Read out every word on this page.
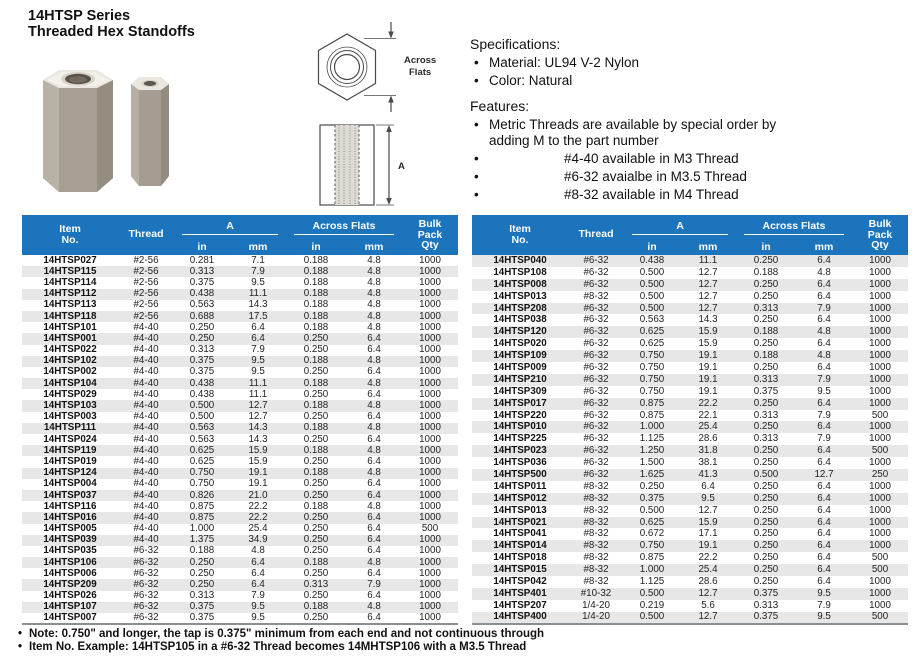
14HTSP Series
Threaded Hex Standoffs
Across
Flats
A
Specifications:
• Material: UL94 V-2 Nylon
• Color: Natural
Features:
• Metric Threads are available by special order by adding M to the part number
• #4-40 available in M3 Thread
• #6-32 avaialbe in M3.5 Thread
• #8-32 available in M4 Thread
Item
No.
	Thread	
A	Across Flats	Bulk
Pack
Qty

		in	mm	in	mm	
14HTSP027	#2-56	0.281	7.1	0.188	4.8	1000
14HTSP115	#2-56	0.313	7.9	0.188	4.8	1000
14HTSP114	#2-56	0.375	9.5	0.188	4.8	1000
14HTSP112	#2-56	0.438	11.1	0.188	4.8	1000
14HTSP113	#2-56	0.563	14.3	0.188	4.8	1000
14HTSP118	#2-56	0.688	17.5	0.188	4.8	1000
14HTSP101	#4-40	0.250	6.4	0.188	4.8	1000
14HTSP001	#4-40	0.250	6.4	0.250	6.4	1000
14HTSP022	#4-40	0.313	7.9	0.250	6.4	1000
14HTSP102	#4-40	0.375	9.5	0.188	4.8	1000
14HTSP002	#4-40	0.375	9.5	0.250	6.4	1000
14HTSP104	#4-40	0.438	11.1	0.188	4.8	1000
14HTSP029	#4-40	0.438	11.1	0.250	6.4	1000
14HTSP103	#4-40	0.500	12.7	0.188	4.8	1000
14HTSP003	#4-40	0.500	12.7	0.250	6.4	1000
14HTSP111	#4-40	0.563	14.3	0.188	4.8	1000
14HTSP024	#4-40	0.563	14.3	0.250	6.4	1000
14HTSP119	#4-40	0.625	15.9	0.188	4.8	1000
14HTSP019	#4-40	0.625	15.9	0.250	6.4	1000
14HTSP124	#4-40	0.750	19.1	0.188	4.8	1000
14HTSP004	#4-40	0.750	19.1	0.250	6.4	1000
14HTSP037	#4-40	0.826	21.0	0.250	6.4	1000
14HTSP116	#4-40	0.875	22.2	0.188	4.8	1000
14HTSP016	#4-40	0.875	22.2	0.250	6.4	1000
14HTSP005	#4-40	1.000	25.4	0.250	6.4	500
14HTSP039	#4-40	1.375	34.9	0.250	6.4	1000
14HTSP035	#6-32	0.188	4.8	0.250	6.4	1000
14HTSP106	#6-32	0.250	6.4	0.188	4.8	1000
14HTSP006	#6-32	0.250	6.4	0.250	6.4	1000
14HTSP209	#6-32	0.250	6.4	0.313	7.9	1000
14HTSP026	#6-32	0.313	7.9	0.250	6.4	1000
14HTSP107	#6-32	0.375	9.5	0.188	4.8	1000
14HTSP007	#6-32	0.375	9.5	0.250	6.4	1000
Item
No.
	Thread	
A	Across Flats	Bulk
Pack
Qty

		in	mm	in	mm	
14HTSP040	#6-32	0.438	11.1	0.250	6.4	1000
14HTSP108	#6-32	0.500	12.7	0.188	4.8	1000
14HTSP008	#6-32	0.500	12.7	0.250	6.4	1000
14HTSP013	#8-32	0.500	12.7	0.250	6.4	1000
14HTSP208	#6-32	0.500	12.7	0.313	7.9	1000
14HTSP038	#6-32	0.563	14.3	0.250	6.4	1000
14HTSP120	#6-32	0.625	15.9	0.188	4.8	1000
14HTSP020	#6-32	0.625	15.9	0.250	6.4	1000
14HTSP109	#6-32	0.750	19.1	0.188	4.8	1000
14HTSP009	#6-32	0.750	19.1	0.250	6.4	1000
14HTSP210	#6-32	0.750	19.1	0.313	7.9	1000
14HTSP309	#6-32	0.750	19.1	0.375	9.5	1000
14HTSP017	#6-32	0.875	22.2	0.250	6.4	1000
14HTSP220	#6-32	0.875	22.1	0.313	7.9	500
14HTSP010	#6-32	1.000	25.4	0.250	6.4	1000
14HTSP225	#6-32	1.125	28.6	0.313	7.9	1000
14HTSP023	#6-32	1.250	31.8	0.250	6.4	500
14HTSP036	#6-32	1.500	38.1	0.250	6.4	1000
14HTSP500	#6-32	1.625	41.3	0.500	12.7	250
14HTSP011	#8-32	0.250	6.4	0.250	6.4	1000
14HTSP012	#8-32	0.375	9.5	0.250	6.4	1000
14HTSP013	#8-32	0.500	12.7	0.250	6.4	1000
14HTSP021	#8-32	0.625	15.9	0.250	6.4	1000
14HTSP041	#8-32	0.672	17.1	0.250	6.4	1000
14HTSP014	#8-32	0.750	19.1	0.250	6.4	1000
14HTSP018	#8-32	0.875	22.2	0.250	6.4	500
14HTSP015	#8-32	1.000	25.4	0.250	6.4	500
14HTSP042	#8-32	1.125	28.6	0.250	6.4	1000
14HTSP401	#10-32	0.500	12.7	0.375	9.5	1000
14HTSP207	1/4-20	0.219	5.6	0.313	7.9	1000
14HTSP400	1/4-20	0.500	12.7	0.375	9.5	500
• Note: 0.750" and longer, the tap is 0.375" minimum from each end and not continuous through
• Item No. Example: 14HTSP105 in a #6-32 Thread becomes 14MHTSP106 with a M3.5 Thread
